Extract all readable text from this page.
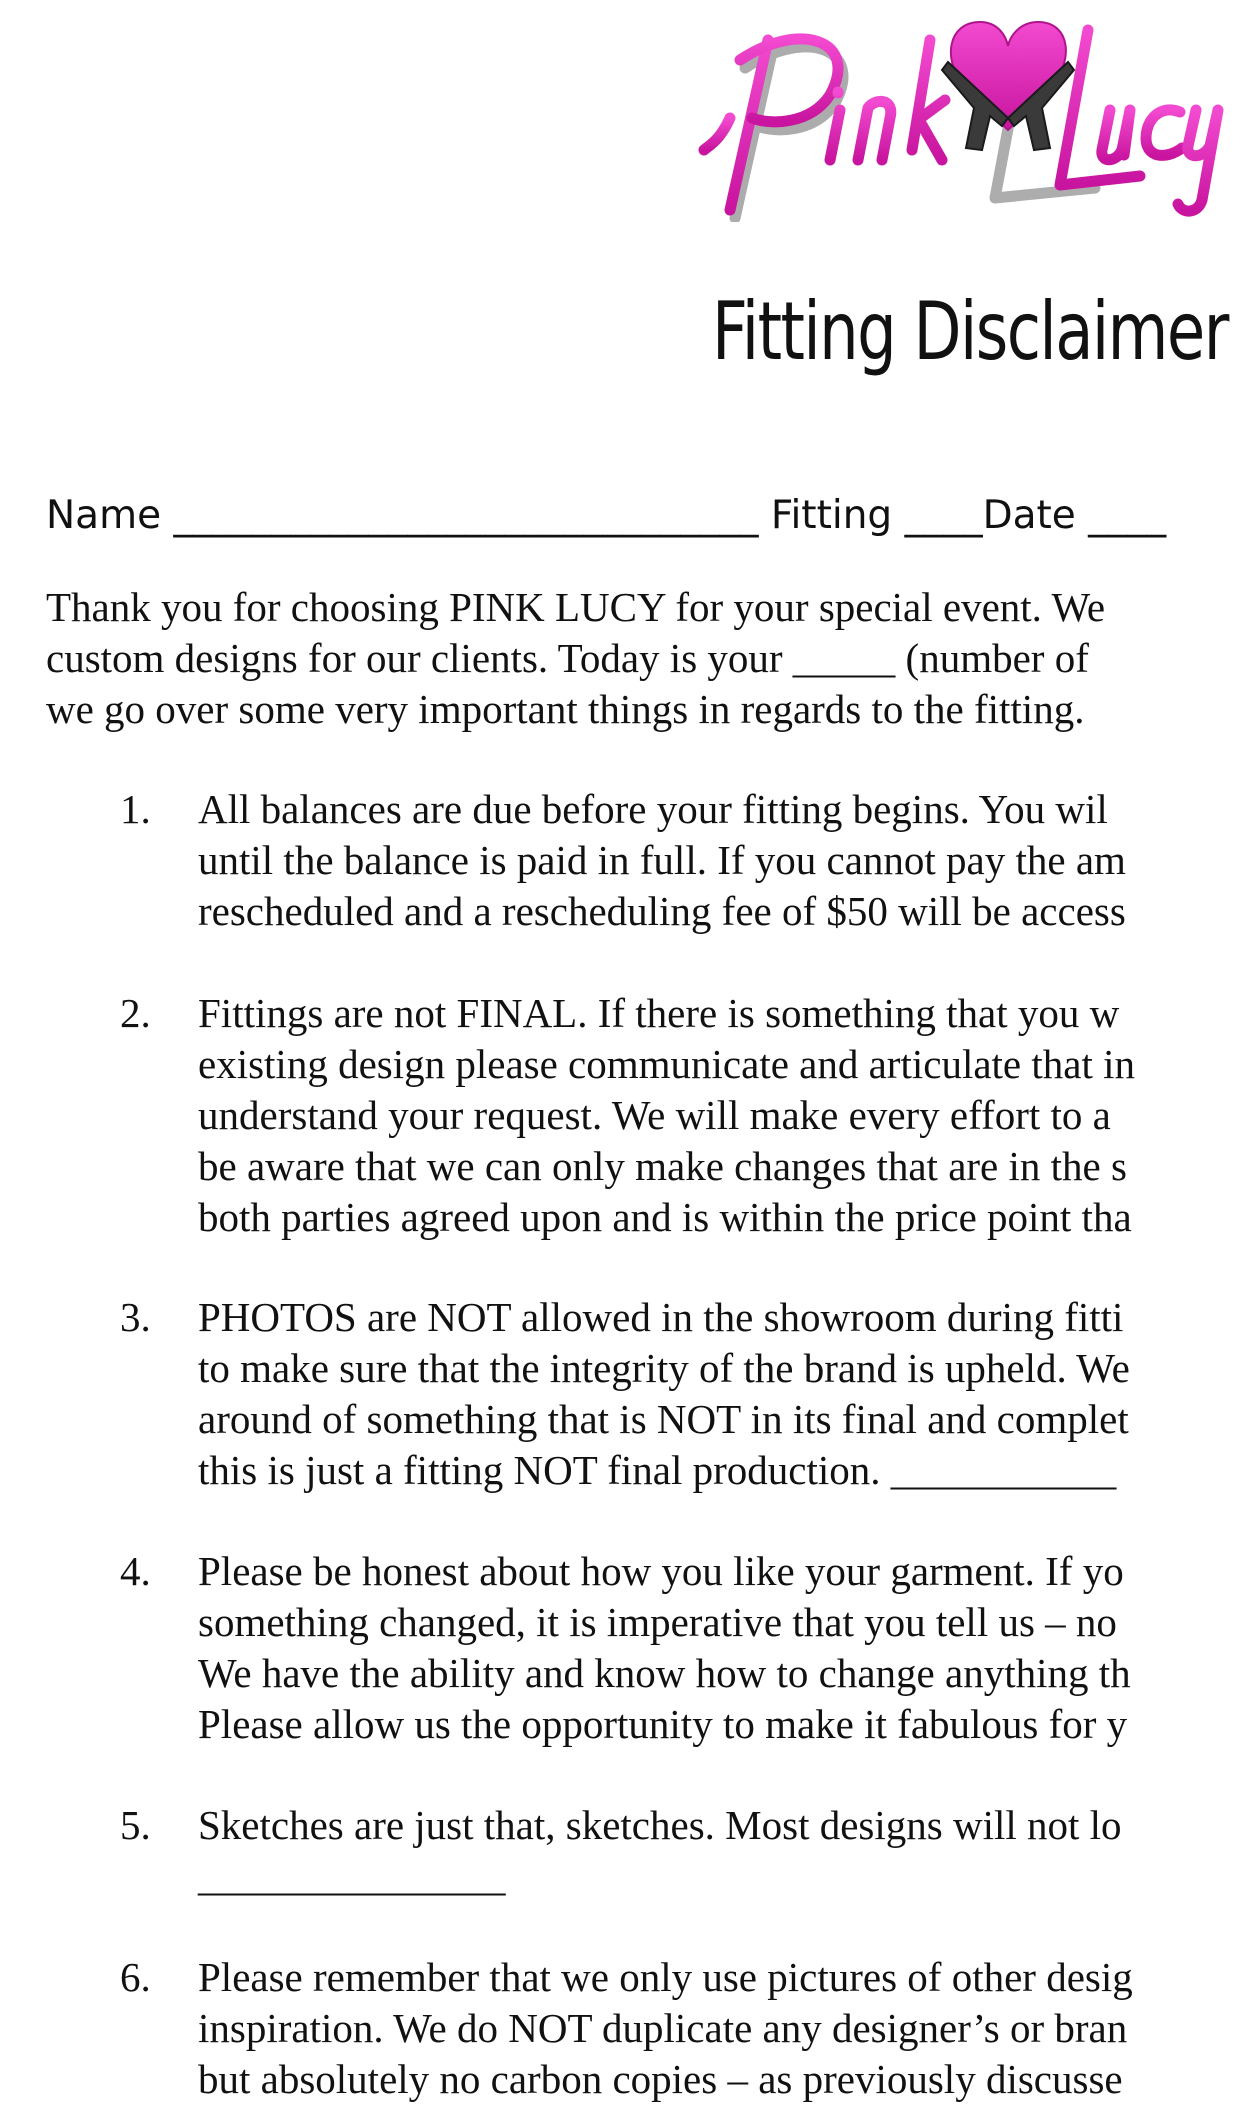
Fitting Disclaimer
Name ______________________________ Fitting ____Date ____

Thank you for choosing PINK LUCY for your special event. We
custom designs for our clients. Today is your _____ (number of
we go over some very important things in regards to the fitting.

1. All balances are due before your fitting begins. You wil
until the balance is paid in full. If you cannot pay the am
rescheduled and a rescheduling fee of $50 will be access
2. Fittings are not FINAL. If there is something that you w
existing design please communicate and articulate that in
understand your request. We will make every effort to a
be aware that we can only make changes that are in the s
both parties agreed upon and is within the price point tha
3. PHOTOS are NOT allowed in the showroom during fitti
to make sure that the integrity of the brand is upheld. We
around of something that is NOT in its final and complet
this is just a fitting NOT final production. ___________
4. Please be honest about how you like your garment. If yo
something changed, it is imperative that you tell us – no
We have the ability and know how to change anything th
Please allow us the opportunity to make it fabulous for y
5. Sketches are just that, sketches. Most designs will not lo
_______________
6. Please remember that we only use pictures of other desig
inspiration. We do NOT duplicate any designer’s or bran
but absolutely no carbon copies – as previously discusse
